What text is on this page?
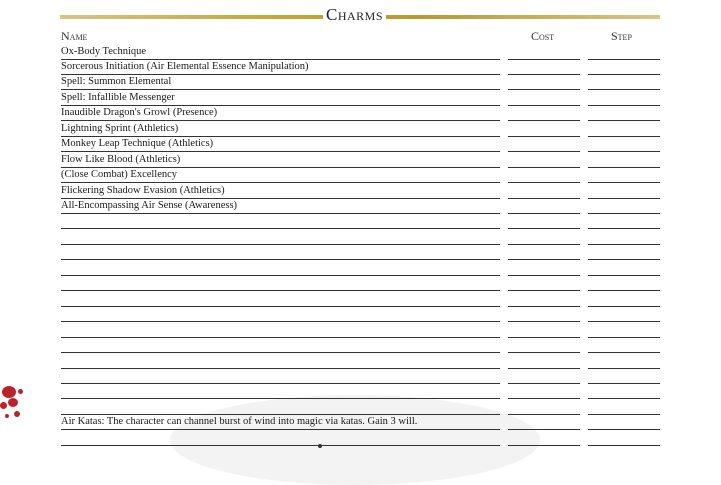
Charms
Name	Cost	Step
Ox-Body Technique
Sorcerous Initiation (Air Elemental Essence Manipulation)
Spell: Summon Elemental
Spell: Infallible Messenger
Inaudible Dragon's Growl (Presence)
Lightning Sprint (Athletics)
Monkey Leap Technique (Athletics)
Flow Like Blood (Athletics)
(Close Combat) Excellency
Flickering Shadow Evasion (Athletics)
All-Encompassing Air Sense (Awareness)
Air Katas: The character can channel burst of wind into magic via katas. Gain 3 will.
